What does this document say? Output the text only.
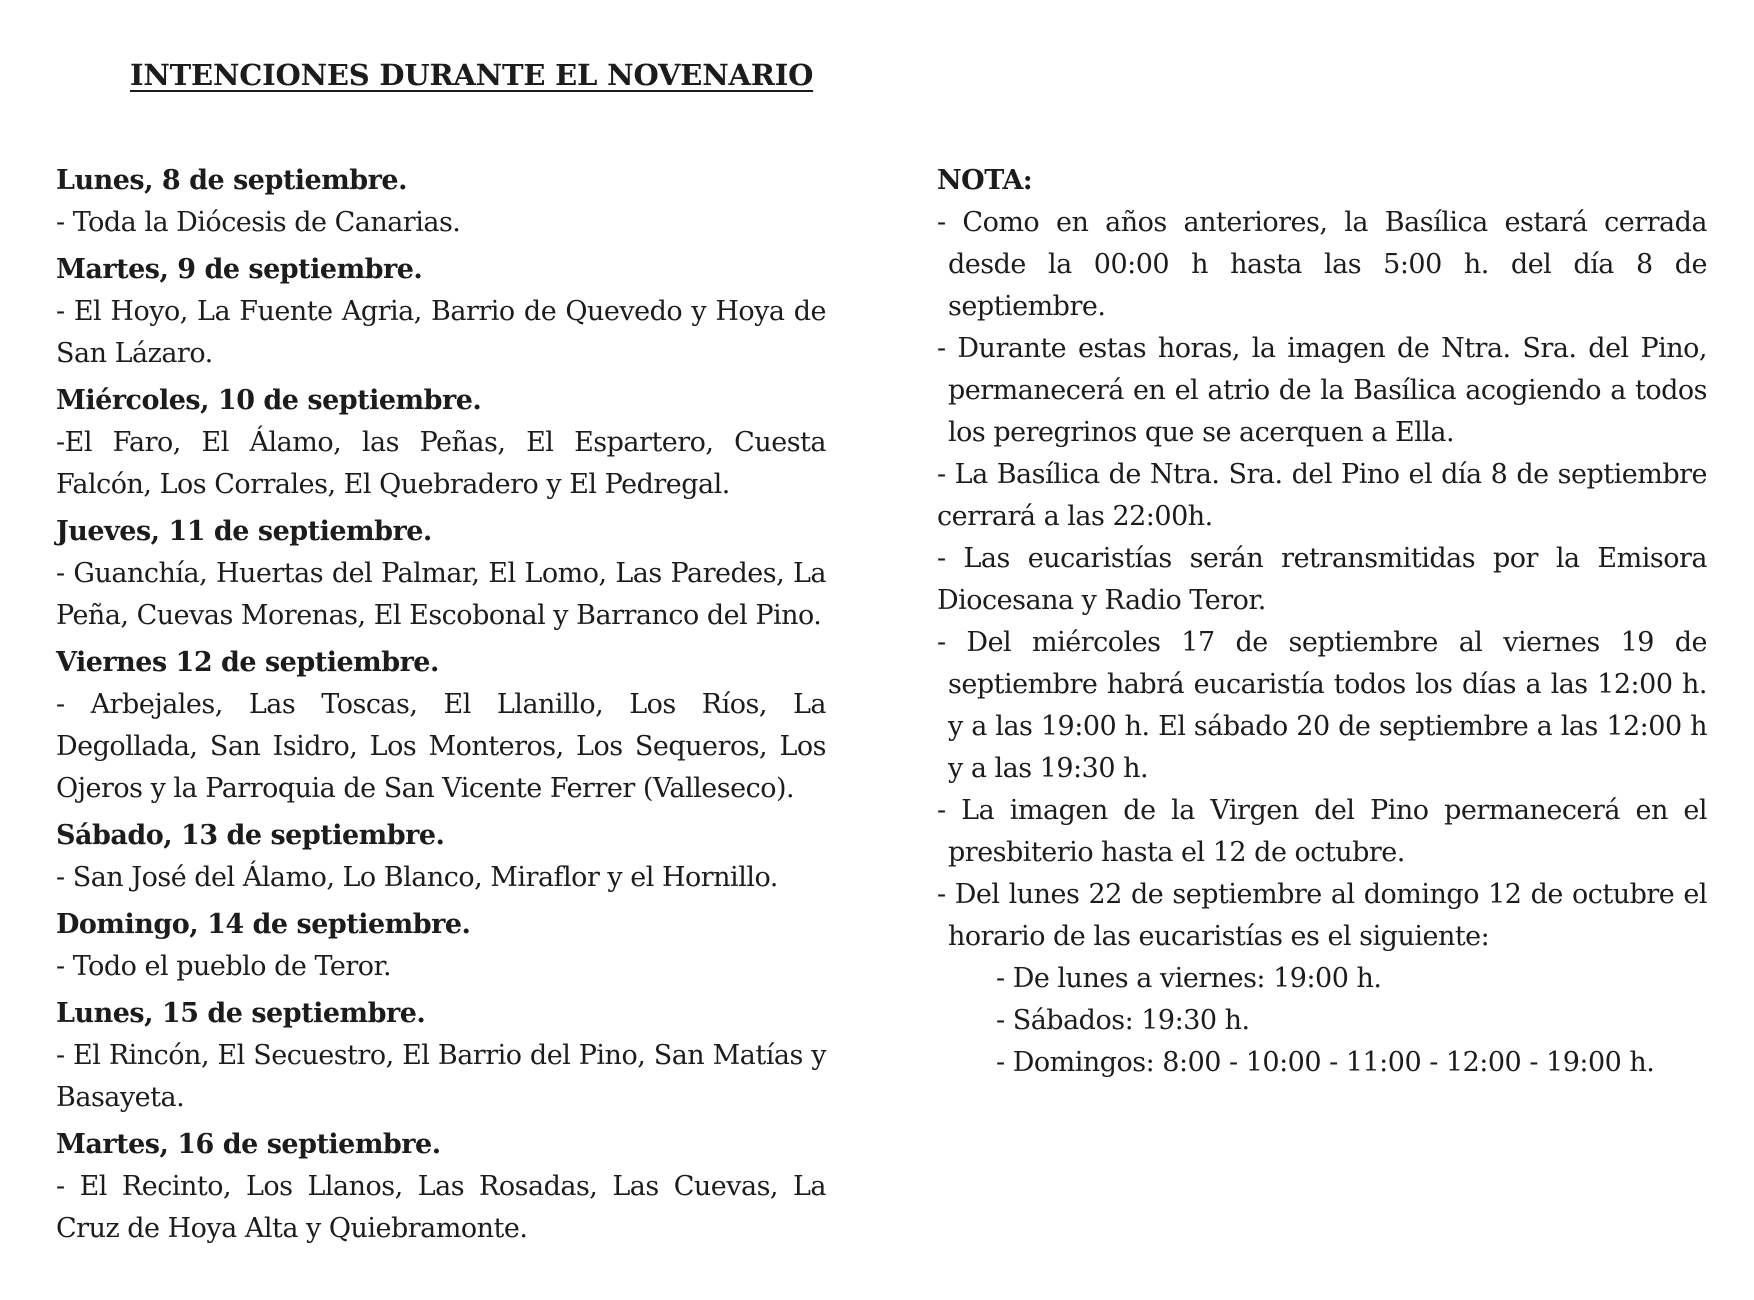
INTENCIONES DURANTE EL NOVENARIO
Lunes, 8 de septiembre.
- Toda la Diócesis de Canarias.
Martes, 9 de septiembre.
- El Hoyo, La Fuente Agria, Barrio de Quevedo y Hoya de San Lázaro.
Miércoles, 10 de septiembre.
-El Faro, El Álamo, las Peñas, El Espartero, Cuesta Falcón, Los Corrales, El Quebradero y El Pedregal.
Jueves, 11 de septiembre.
- Guanchía, Huertas del Palmar, El Lomo, Las Paredes, La Peña, Cuevas Morenas, El Escobonal y Barranco del Pino.
Viernes 12 de septiembre.
- Arbejales, Las Toscas, El Llanillo, Los Ríos, La Degollada, San Isidro, Los Monteros, Los Sequeros, Los Ojeros y la Parroquia de San Vicente Ferrer (Valleseco).
Sábado, 13 de septiembre.
- San José del Álamo, Lo Blanco, Miraflor y el Hornillo.
Domingo, 14 de septiembre.
- Todo el pueblo de Teror.
Lunes, 15 de septiembre.
- El Rincón, El Secuestro, El Barrio del Pino, San Matías y Basayeta.
Martes, 16 de septiembre.
- El Recinto, Los Llanos, Las Rosadas, Las Cuevas, La Cruz de Hoya Alta y Quiebramonte.
NOTA:
- Como en años anteriores, la Basílica estará cerrada desde la 00:00 h hasta las 5:00 h. del día 8 de septiembre.
- Durante estas horas, la imagen de Ntra. Sra. del Pino, permanecerá en el atrio de la Basílica acogiendo a todos los peregrinos que se acerquen a Ella.
- La Basílica de Ntra. Sra. del Pino el día 8 de septiembre cerrará a las 22:00h.
- Las eucaristías serán retransmitidas por la Emisora Diocesana y Radio Teror.
- Del miércoles 17 de septiembre al viernes 19 de septiembre habrá eucaristía todos los días a las 12:00 h. y a las 19:00 h. El sábado 20 de septiembre a las 12:00 h y a las 19:30 h.
- La imagen de la Virgen del Pino permanecerá en el presbiterio hasta el 12 de octubre.
- Del lunes 22 de septiembre al domingo 12 de octubre el horario de las eucaristías es el siguiente:
- De lunes a viernes: 19:00 h.
- Sábados: 19:30 h.
- Domingos: 8:00 - 10:00 - 11:00 - 12:00 - 19:00 h.
